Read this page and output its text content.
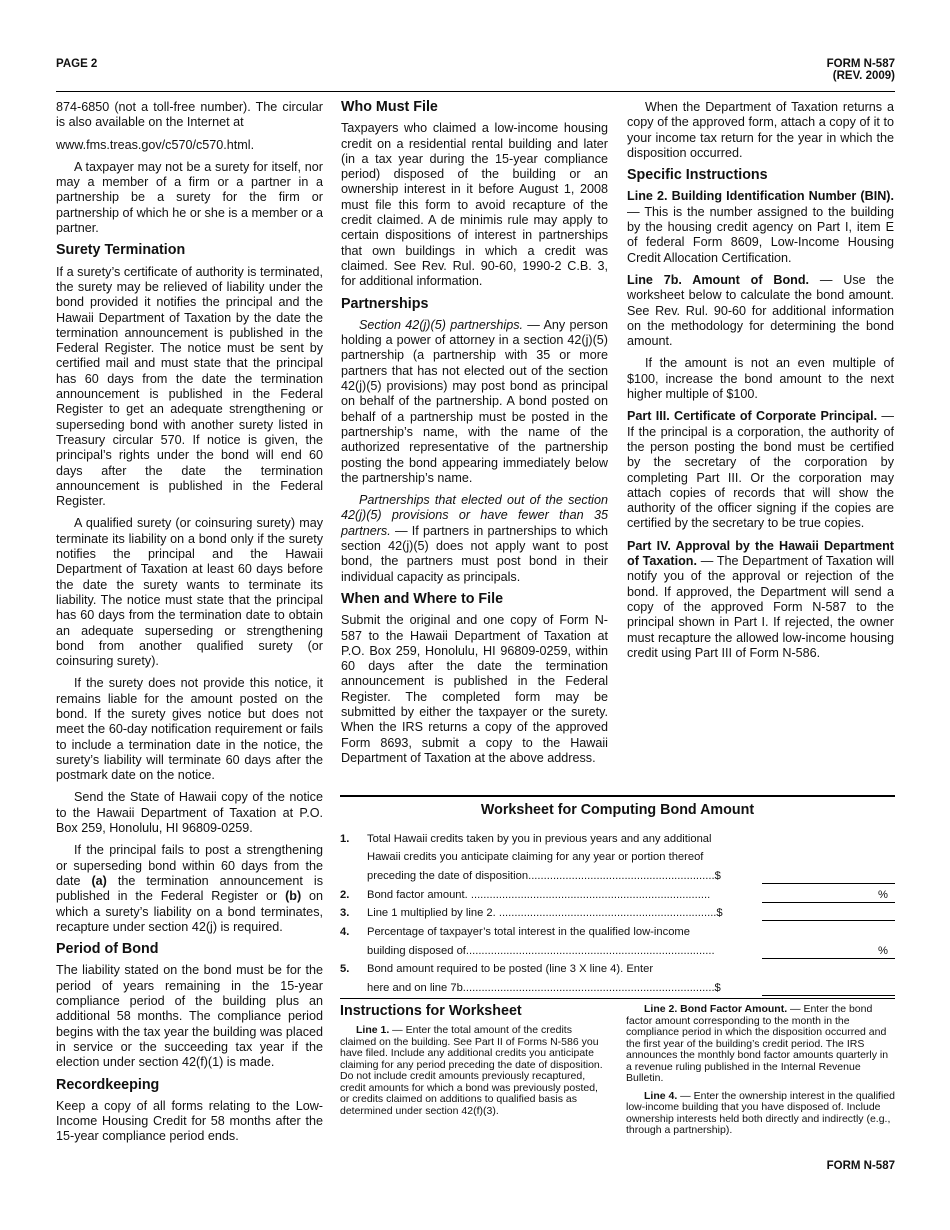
PAGE 2	FORM N-587
(REV. 2009)

874-6850 (not a toll-free number). The circular is also available on the Internet at

www.fms.treas.gov/c570/c570.html.

A taxpayer may not be a surety for itself, nor may a member of a firm or a partner in a partnership be a surety for the firm or partnership of which he or she is a member or a partner.

Surety Termination

If a surety’s certificate of authority is terminated, the surety may be relieved of liability under the bond provided it notifies the principal and the Hawaii Department of Taxation by the date the termination announcement is published in the Federal Register. The notice must be sent by certified mail and must state that the principal has 60 days from the date the termination announcement is published in the Federal Register to get an adequate strengthening or superseding bond with another surety listed in Treasury circular 570. If notice is given, the principal’s rights under the bond will end 60 days after the date the termination announcement is published in the Federal Register.

A qualified surety (or coinsuring surety) may terminate its liability on a bond only if the surety notifies the principal and the Hawaii Department of Taxation at least 60 days before the date the surety wants to terminate its liability. The notice must state that the principal has 60 days from the termination date to obtain an adequate superseding or strengthening bond from another qualified surety (or coinsuring surety).

If the surety does not provide this notice, it remains liable for the amount posted on the bond. If the surety gives notice but does not meet the 60-day notification requirement or fails to include a termination date in the notice, the surety’s liability will terminate 60 days after the postmark date on the notice.

Send the State of Hawaii copy of the notice to the Hawaii Department of Taxation at P.O. Box 259, Honolulu, HI 96809-0259.

If the principal fails to post a strengthening or superseding bond within 60 days from the date (a) the termination announcement is published in the Federal Register or (b) on which a surety’s liability on a bond terminates, recapture under section 42(j) is required.

Period of Bond

The liability stated on the bond must be for the period of years remaining in the 15-year compliance period of the building plus an additional 58 months. The compliance period begins with the tax year the building was placed in service or the succeeding tax year if the election under section 42(f)(1) is made.

Recordkeeping

Keep a copy of all forms relating to the Low-Income Housing Credit for 58 months after the 15-year compliance period ends.

Who Must File

Taxpayers who claimed a low-income housing credit on a residential rental building and later (in a tax year during the 15-year compliance period) disposed of the building or an ownership interest in it before August 1, 2008 must file this form to avoid recapture of the credit claimed. A de minimis rule may apply to certain dispositions of interest in partnerships that own buildings in which a credit was claimed. See Rev. Rul. 90-60, 1990-2 C.B. 3, for additional information.

Partnerships

Section 42(j)(5) partnerships. — Any person holding a power of attorney in a section 42(j)(5) partnership (a partnership with 35 or more partners that has not elected out of the section 42(j)(5) provisions) may post bond as principal on behalf of the partnership. A bond posted on behalf of a partnership must be posted in the partnership’s name, with the name of the authorized representative of the partnership posting the bond appearing immediately below the partnership’s name.

Partnerships that elected out of the section 42(j)(5) provisions or have fewer than 35 partners. — If partners in partnerships to which section 42(j)(5) does not apply want to post bond, the partners must post bond in their individual capacity as principals.

When and Where to File

Submit the original and one copy of Form N-587 to the Hawaii Department of Taxation at P.O. Box 259, Honolulu, HI 96809-0259, within 60 days after the date the termination announcement is published in the Federal Register. The completed form may be submitted by either the taxpayer or the surety. When the IRS returns a copy of the approved Form 8693, submit a copy to the Hawaii Department of Taxation at the above address.

When the Department of Taxation returns a copy of the approved form, attach a copy of it to your income tax return for the year in which the disposition occurred.

Specific Instructions

Line 2. Building Identification Number (BIN). — This is the number assigned to the building by the housing credit agency on Part I, item E of federal Form 8609, Low-Income Housing Credit Allocation Certification.

Line 7b. Amount of Bond. — Use the worksheet below to calculate the bond amount. See Rev. Rul. 90-60 for additional information on the methodology for determining the bond amount.

If the amount is not an even multiple of $100, increase the bond amount to the next higher multiple of $100.

Part III. Certificate of Corporate Principal. — If the principal is a corporation, the authority of the person posting the bond must be certified by the secretary of the corporation by completing Part III. Or the corporation may attach copies of records that will show the authority of the officer signing if the copies are certified by the secretary to be true copies.

Part IV. Approval by the Hawaii Department of Taxation. — The Department of Taxation will notify you of the approval or rejection of the bond. If approved, the Department will send a copy of the approved Form N-587 to the principal shown in Part I. If rejected, the owner must recapture the allowed low-income housing credit using Part III of Form N-586.

Worksheet for Computing Bond Amount
1. Total Hawaii credits taken by you in previous years and any additional
Hawaii credits you anticipate claiming for any year or portion thereof
preceding the date of disposition............................................................$
2. Bond factor amount. .............................................................................	%
3. Line 1 multiplied by line 2. ......................................................................$
4. Percentage of taxpayer’s total interest in the qualified low-income
building disposed of................................................................................	%
5. Bond amount required to be posted (line 3 X line 4). Enter
here and on line 7b.................................................................................$
Instructions for Worksheet

Line 1. — Enter the total amount of the credits claimed on the building. See Part II of Forms N-586 you have filed. Include any additional credits you anticipate claiming for any period preceding the date of disposition. Do not include credit amounts previously recaptured, credit amounts for which a bond was previously posted, or credits claimed on additions to qualified basis as determined under section 42(f)(3).

Line 2. Bond Factor Amount. — Enter the bond factor amount corresponding to the month in the compliance period in which the disposition occurred and the first year of the building’s credit period. The IRS announces the monthly bond factor amounts quarterly in a revenue ruling published in the Internal Revenue Bulletin.

Line 4. — Enter the ownership interest in the qualified low-income building that you have disposed of. Include ownership interests held both directly and indirectly (e.g., through a partnership).

FORM N-587
